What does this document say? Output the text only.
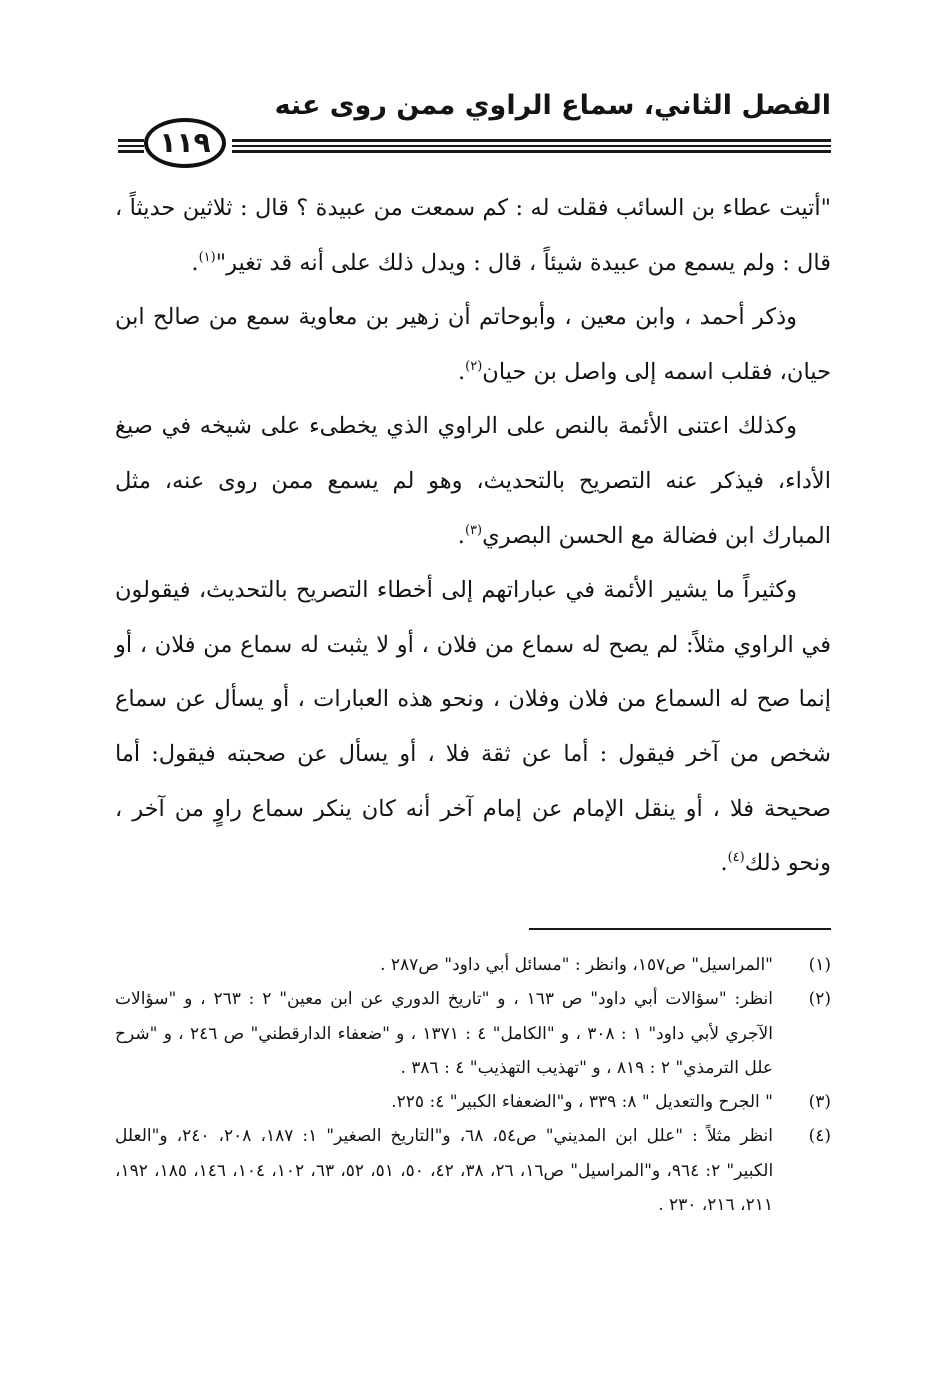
الفصل الثاني، سماع الراوي ممن روى عنه
١١٩

"أتيت عطاء بن السائب فقلت له : كم سمعت من عبيدة ؟ قال : ثلاثين حديثاً ، قال : ولم يسمع من عبيدة شيئاً ، قال : ويدل ذلك على أنه قد تغير"$^{(١)}$.

وذكر أحمد ، وابن معين ، وأبوحاتم أن زهير بن معاوية سمع من صالح ابن حيان، فقلب اسمه إلى واصل بن حيان$^{(٢)}$.

وكذلك اعتنى الأئمة بالنص على الراوي الذي يخطىء على شيخه في صيغ الأداء، فيذكر عنه التصريح بالتحديث، وهو لم يسمع ممن روى عنه، مثل المبارك ابن فضالة مع الحسن البصري$^{(٣)}$.

وكثيراً ما يشير الأئمة في عباراتهم إلى أخطاء التصريح بالتحديث، فيقولون في الراوي مثلاً: لم يصح له سماع من فلان ، أو لا يثبت له سماع من فلان ، أو إنما صح له السماع من فلان وفلان ، ونحو هذه العبارات ، أو يسأل عن سماع شخص من آخر فيقول : أما عن ثقة فلا ، أو يسأل عن صحبته فيقول: أما صحيحة فلا ، أو ينقل الإمام عن إمام آخر أنه كان ينكر سماع راوٍ من آخر ، ونحو ذلك$^{(٤)}$.

(١)
"المراسيل" ص١٥٧، وانظر : "مسائل أبي داود" ص٢٨٧ .

(٢)
انظر: "سؤالات أبي داود" ص ١٦٣ ، و "تاريخ الدوري عن ابن معين" ٢ : ٢٦٣ ، و "سؤالات الآجري لأبي داود" ١ : ٣٠٨ ، و "الكامل" ٤ : ١٣٧١ ، و "ضعفاء الدارقطني" ص ٢٤٦ ، و "شرح علل الترمذي" ٢ : ٨١٩ ، و "تهذيب التهذيب" ٤ : ٣٨٦ .

(٣)
" الجرح والتعديل " ٨: ٣٣٩ ، و"الضعفاء الكبير" ٤: ٢٢٥.

(٤)
انظر مثلاً : "علل ابن المديني" ص٥٤، ٦٨، و"التاريخ الصغير" ١: ١٨٧، ٢٠٨، ٢٤٠، و"العلل الكبير" ٢: ٩٦٤، و"المراسيل" ص١٦، ٢٦، ٣٨، ٤٢، ٥٠، ٥١، ٥٢، ٦٣، ١٠٢، ١٠٤، ١٤٦، ١٨٥، ١٩٢، ٢١١، ٢١٦، ٢٣٠ .
